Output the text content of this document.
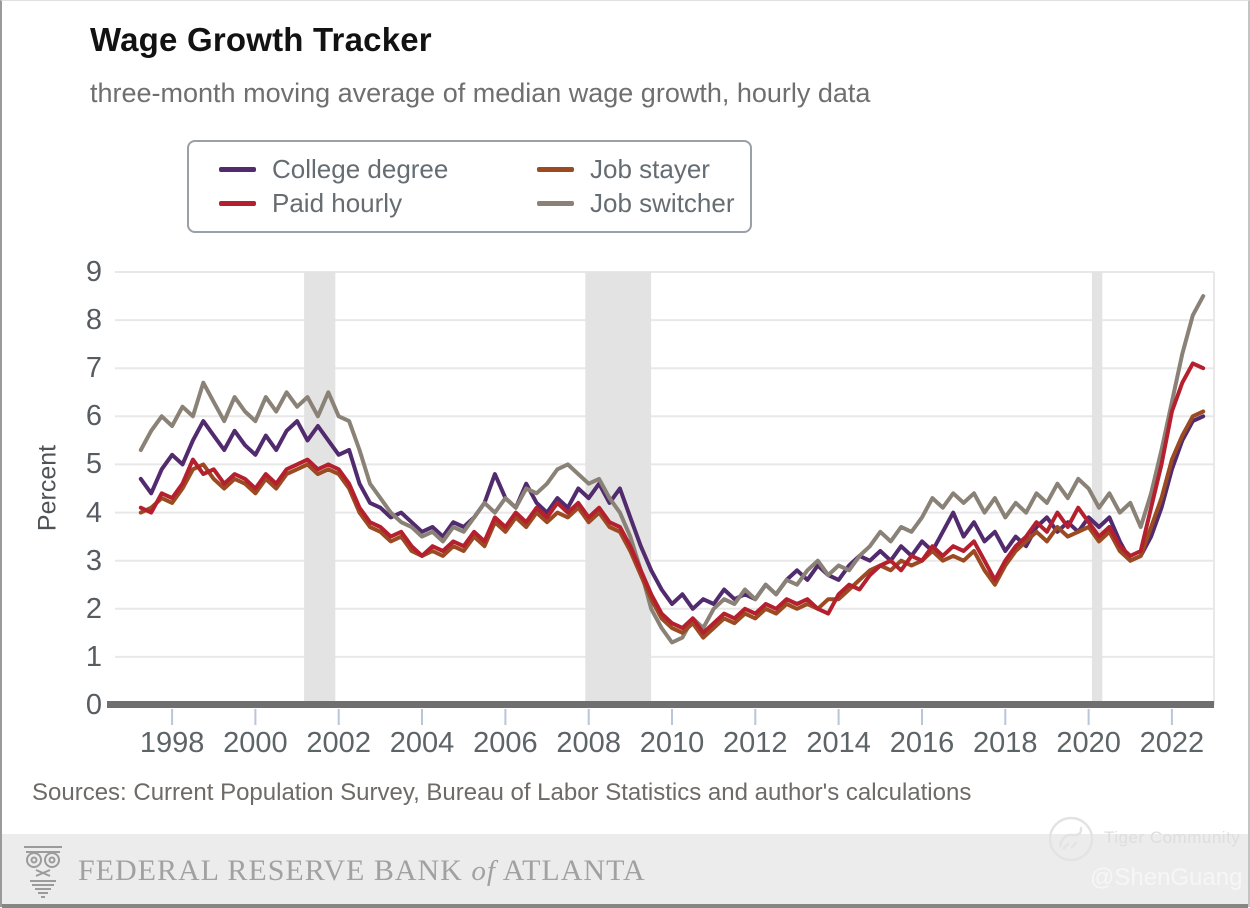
Wage Growth Tracker
three-month moving average of median wage growth, hourly data
College degree
Paid hourly
Job stayer
Job switcher
0
1
2
3
4
5
6
7
8
9
1998 2000 2002 2004 2006 2008 2010 2012 2014 2016 2018 2020 2022
Percent
Sources: Current Population Survey, Bureau of Labor Statistics and author's calculations
FEDERAL RESERVE BANK of ATLANTA
Tiger Community
@ShenGuang
